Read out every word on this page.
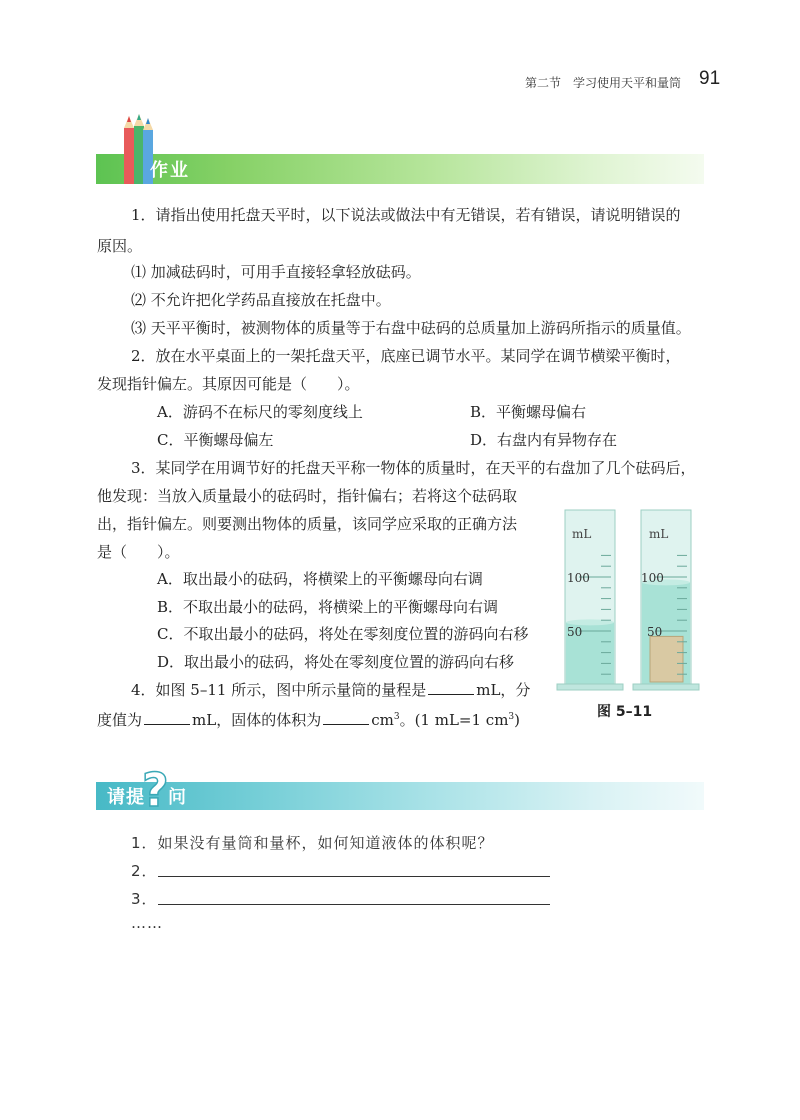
第二节　学习使用天平和量筒 91
作业
1．请指出使用托盘天平时，以下说法或做法中有无错误，若有错误，请说明错误的
原因。
⑴ 加减砝码时，可用手直接轻拿轻放砝码。
⑵ 不允许把化学药品直接放在托盘中。
⑶ 天平平衡时，被测物体的质量等于右盘中砝码的总质量加上游码所指示的质量值。
2．放在水平桌面上的一架托盘天平，底座已调节水平。某同学在调节横梁平衡时，
发现指针偏左。其原因可能是（　　）。
A．游码不在标尺的零刻度线上	B．平衡螺母偏右
C．平衡螺母偏左	D．右盘内有异物存在
3．某同学在用调节好的托盘天平称一物体的质量时，在天平的右盘加了几个砝码后，
他发现：当放入质量最小的砝码时，指针偏右；若将这个砝码取
出，指针偏左。则要测出物体的质量，该同学应采取的正确方法
是（　　）。
A．取出最小的砝码，将横梁上的平衡螺母向右调
B．不取出最小的砝码，将横梁上的平衡螺母向右调
C．不取出最小的砝码，将处在零刻度位置的游码向右移
D．取出最小的砝码，将处在零刻度位置的游码向右移
4．如图 5–11 所示，图中所示量筒的量程是	mL，分
度值为	mL，固体的体积为	$cm^3$。(1 mL=1 $cm^3$)
mL
100
50
mL
100
50
图 5–11
请提
? 问
1．如果没有量筒和量杯，如何知道液体的体积呢？
2．
3．
……
